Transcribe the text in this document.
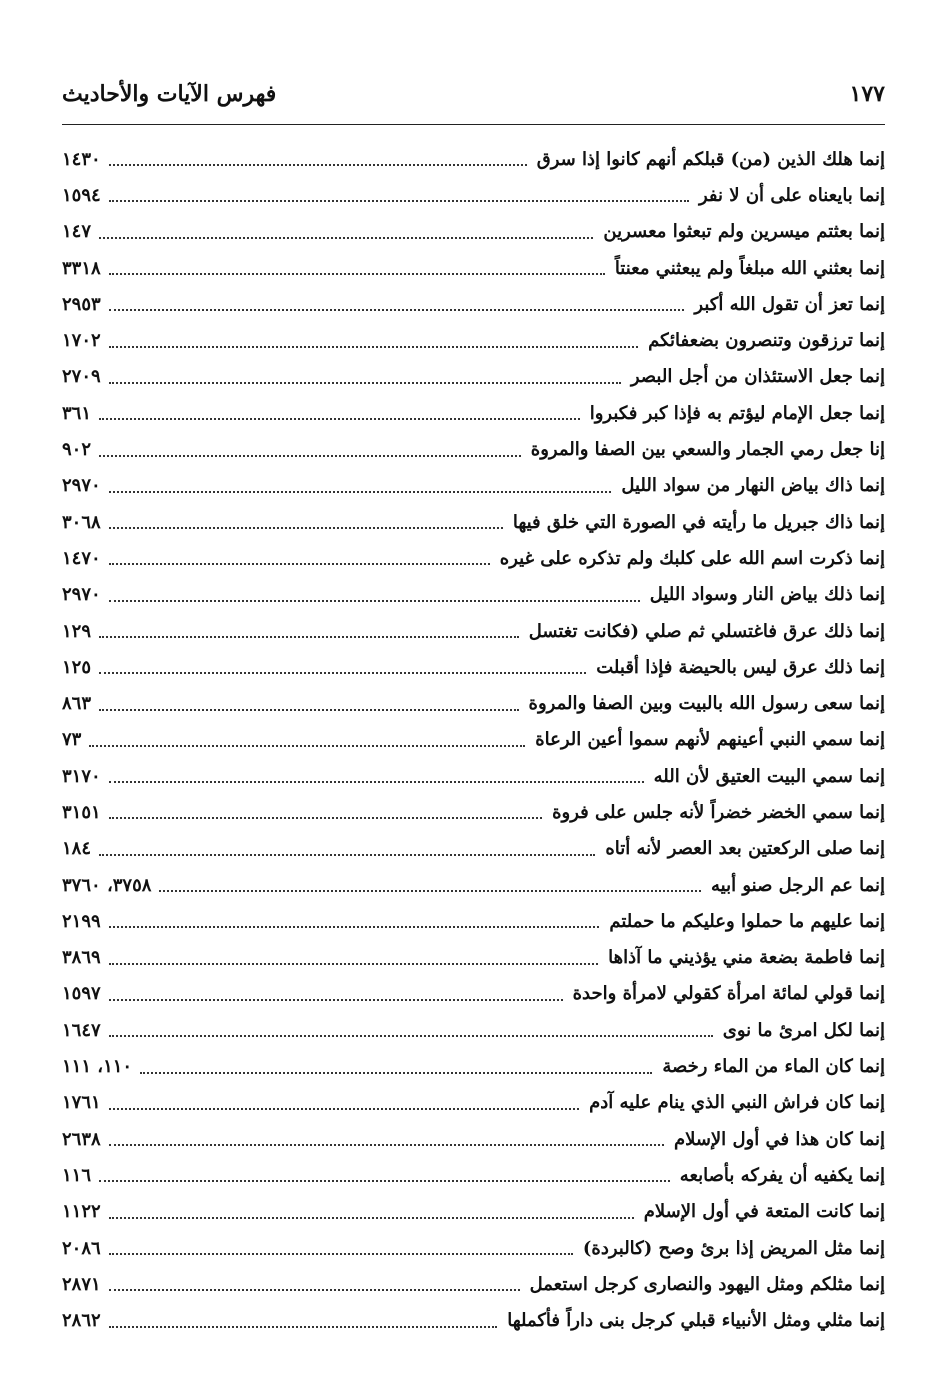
فهرس الآيات والأحاديث	١٧٧
إنما هلك الذين (من) قبلكم أنهم كانوا إذا سرق
١٤٣٠
إنما بايعناه على أن لا نفر
١٥٩٤
إنما بعثتم ميسرين ولم تبعثوا معسرين
١٤٧
إنما بعثني الله مبلغاً ولم يبعثني معنتاً
٣٣١٨
إنما تعز أن تقول الله أكبر
٢٩٥٣
إنما ترزقون وتنصرون بضعفائكم
١٧٠٢
إنما جعل الاستئذان من أجل البصر
٢٧٠٩
إنما جعل الإمام ليؤتم به فإذا كبر فكبروا
٣٦١
إنا جعل رمي الجمار والسعي بين الصفا والمروة
٩٠٢
إنما ذاك بياض النهار من سواد الليل
٢٩٧٠
إنما ذاك جبريل ما رأيته في الصورة التي خلق فيها
٣٠٦٨
إنما ذكرت اسم الله على كلبك ولم تذكره على غيره
١٤٧٠
إنما ذلك بياض النار وسواد الليل
٢٩٧٠
إنما ذلك عرق فاغتسلي ثم صلي (فكانت تغتسل
١٢٩
إنما ذلك عرق ليس بالحيضة فإذا أقبلت
١٢٥
إنما سعى رسول الله بالبيت وبين الصفا والمروة
٨٦٣
إنما سمي النبي أعينهم لأنهم سموا أعين الرعاة
٧٣
إنما سمي البيت العتيق لأن الله
٣١٧٠
إنما سمي الخضر خضراً لأنه جلس على فروة
٣١٥١
إنما صلى الركعتين بعد العصر لأنه أتاه
١٨٤
إنما عم الرجل صنو أبيه
٣٧٥٨، ٣٧٦٠
إنما عليهم ما حملوا وعليكم ما حملتم
٢١٩٩
إنما فاطمة بضعة مني يؤذيني ما آذاها
٣٨٦٩
إنما قولي لمائة امرأة كقولي لامرأة واحدة
١٥٩٧
إنما لكل امرئ ما نوى
١٦٤٧
إنما كان الماء من الماء رخصة
١١٠، ١١١
إنما كان فراش النبي الذي ينام عليه آدم
١٧٦١
إنما كان هذا في أول الإسلام
٢٦٣٨
إنما يكفيه أن يفركه بأصابعه
١١٦
إنما كانت المتعة في أول الإسلام
١١٢٢
إنما مثل المريض إذا برئ وصح (كالبردة)
٢٠٨٦
إنما مثلكم ومثل اليهود والنصارى كرجل استعمل
٢٨٧١
إنما مثلي ومثل الأنبياء قبلي كرجل بنى داراً فأكملها
٢٨٦٢
